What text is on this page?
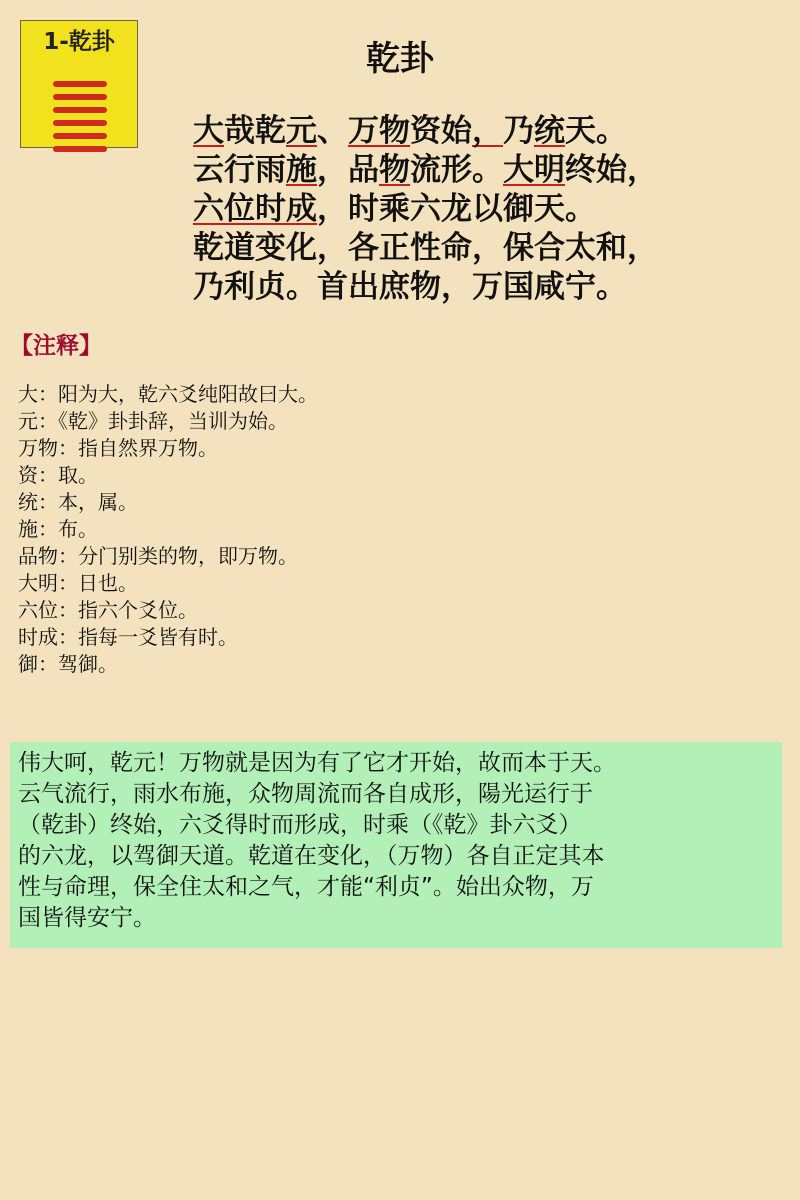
1-乾卦	乾卦
大哉乾元、万物资始，乃统天。
云行雨施，品物流形。大明终始，
六位时成，时乘六龙以御天。
乾道变化，各正性命，保合太和，
乃利贞。首出庶物，万国咸宁。
【注释】
大：阳为大，乾六爻纯阳故曰大。
元：《乾》卦卦辞，当训为始。
万物：指自然界万物。
资：取。
统：本，属。
施：布。
品物：分门别类的物，即万物。
大明：日也。
六位：指六个爻位。
时成：指每一爻皆有时。
御：驾御。
伟大呵，乾元！万物就是因为有了它才开始，故而本于天。
云气流行，雨水布施，众物周流而各自成形，陽光运行于
（乾卦）终始，六爻得时而形成，时乘（《乾》卦六爻）
的六龙，以驾御天道。乾道在变化，（万物）各自正定其本
性与命理，保全住太和之气，才能“利贞”。始出众物，万
国皆得安宁。
